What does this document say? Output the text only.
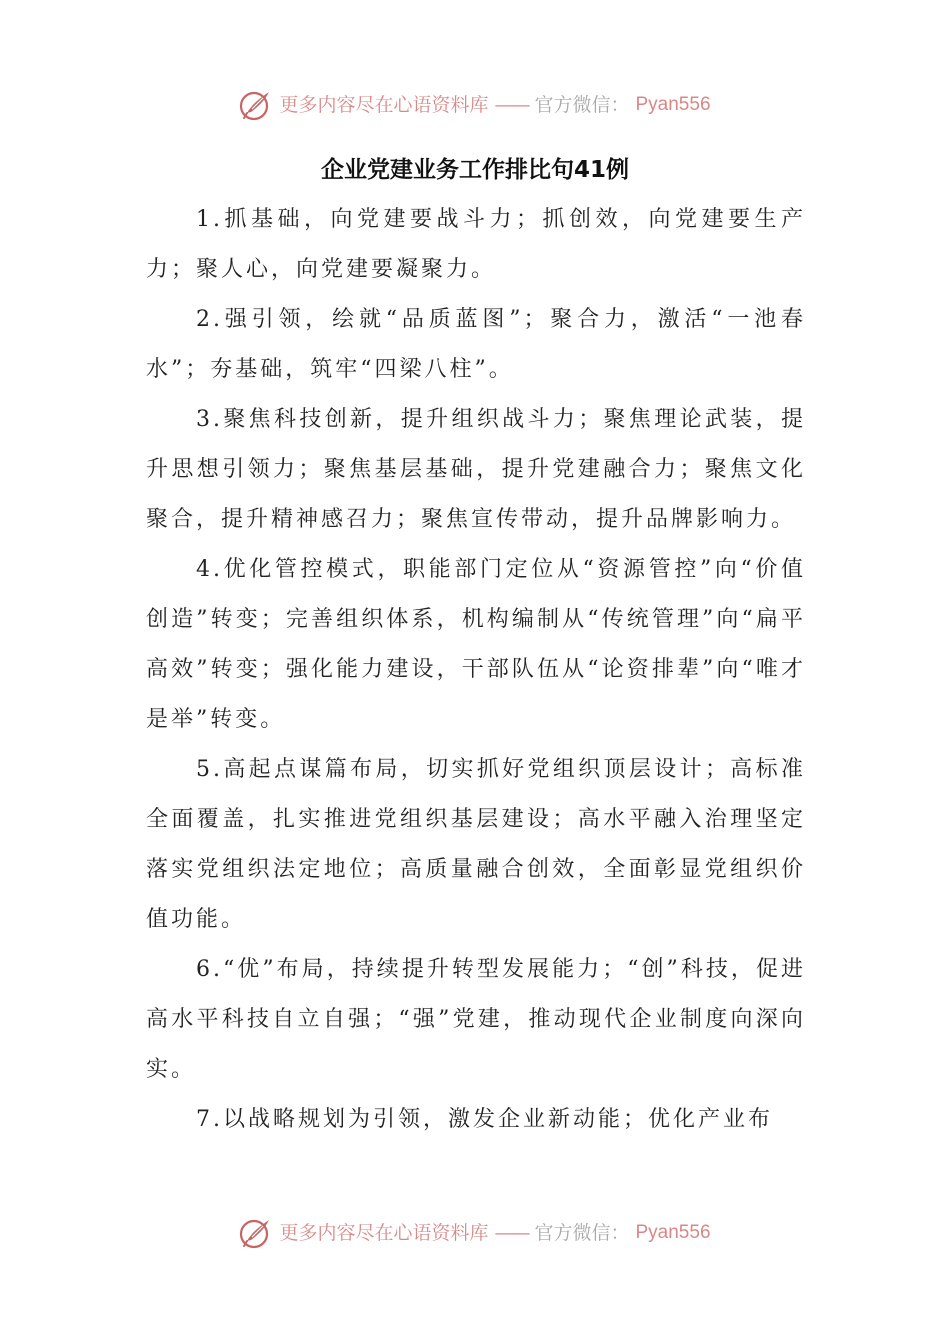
更多内容尽在心语资料库 —— 官方微信： Pyan556
企业党建业务工作排比句41例

1.抓基础，向党建要战斗力；抓创效，向党建要生产力；聚人心，向党建要凝聚力。

2.强引领，绘就“品质蓝图”；聚合力，激活“一池春水”；夯基础，筑牢“四梁八柱”。

3.聚焦科技创新，提升组织战斗力；聚焦理论武装，提升思想引领力；聚焦基层基础，提升党建融合力；聚焦文化聚合，提升精神感召力；聚焦宣传带动，提升品牌影响力。

4.优化管控模式，职能部门定位从“资源管控”向“价值创造”转变；完善组织体系，机构编制从“传统管理”向“扁平高效”转变；强化能力建设，干部队伍从“论资排辈”向“唯才是举”转变。

5.高起点谋篇布局，切实抓好党组织顶层设计；高标准全面覆盖，扎实推进党组织基层建设；高水平融入治理坚定落实党组织法定地位；高质量融合创效，全面彰显党组织价值功能。

6.“优”布局，持续提升转型发展能力；“创”科技，促进高水平科技自立自强；“强”党建，推动现代企业制度向深向实。

7.以战略规划为引领，激发企业新动能；优化产业布

更多内容尽在心语资料库 —— 官方微信： Pyan556
